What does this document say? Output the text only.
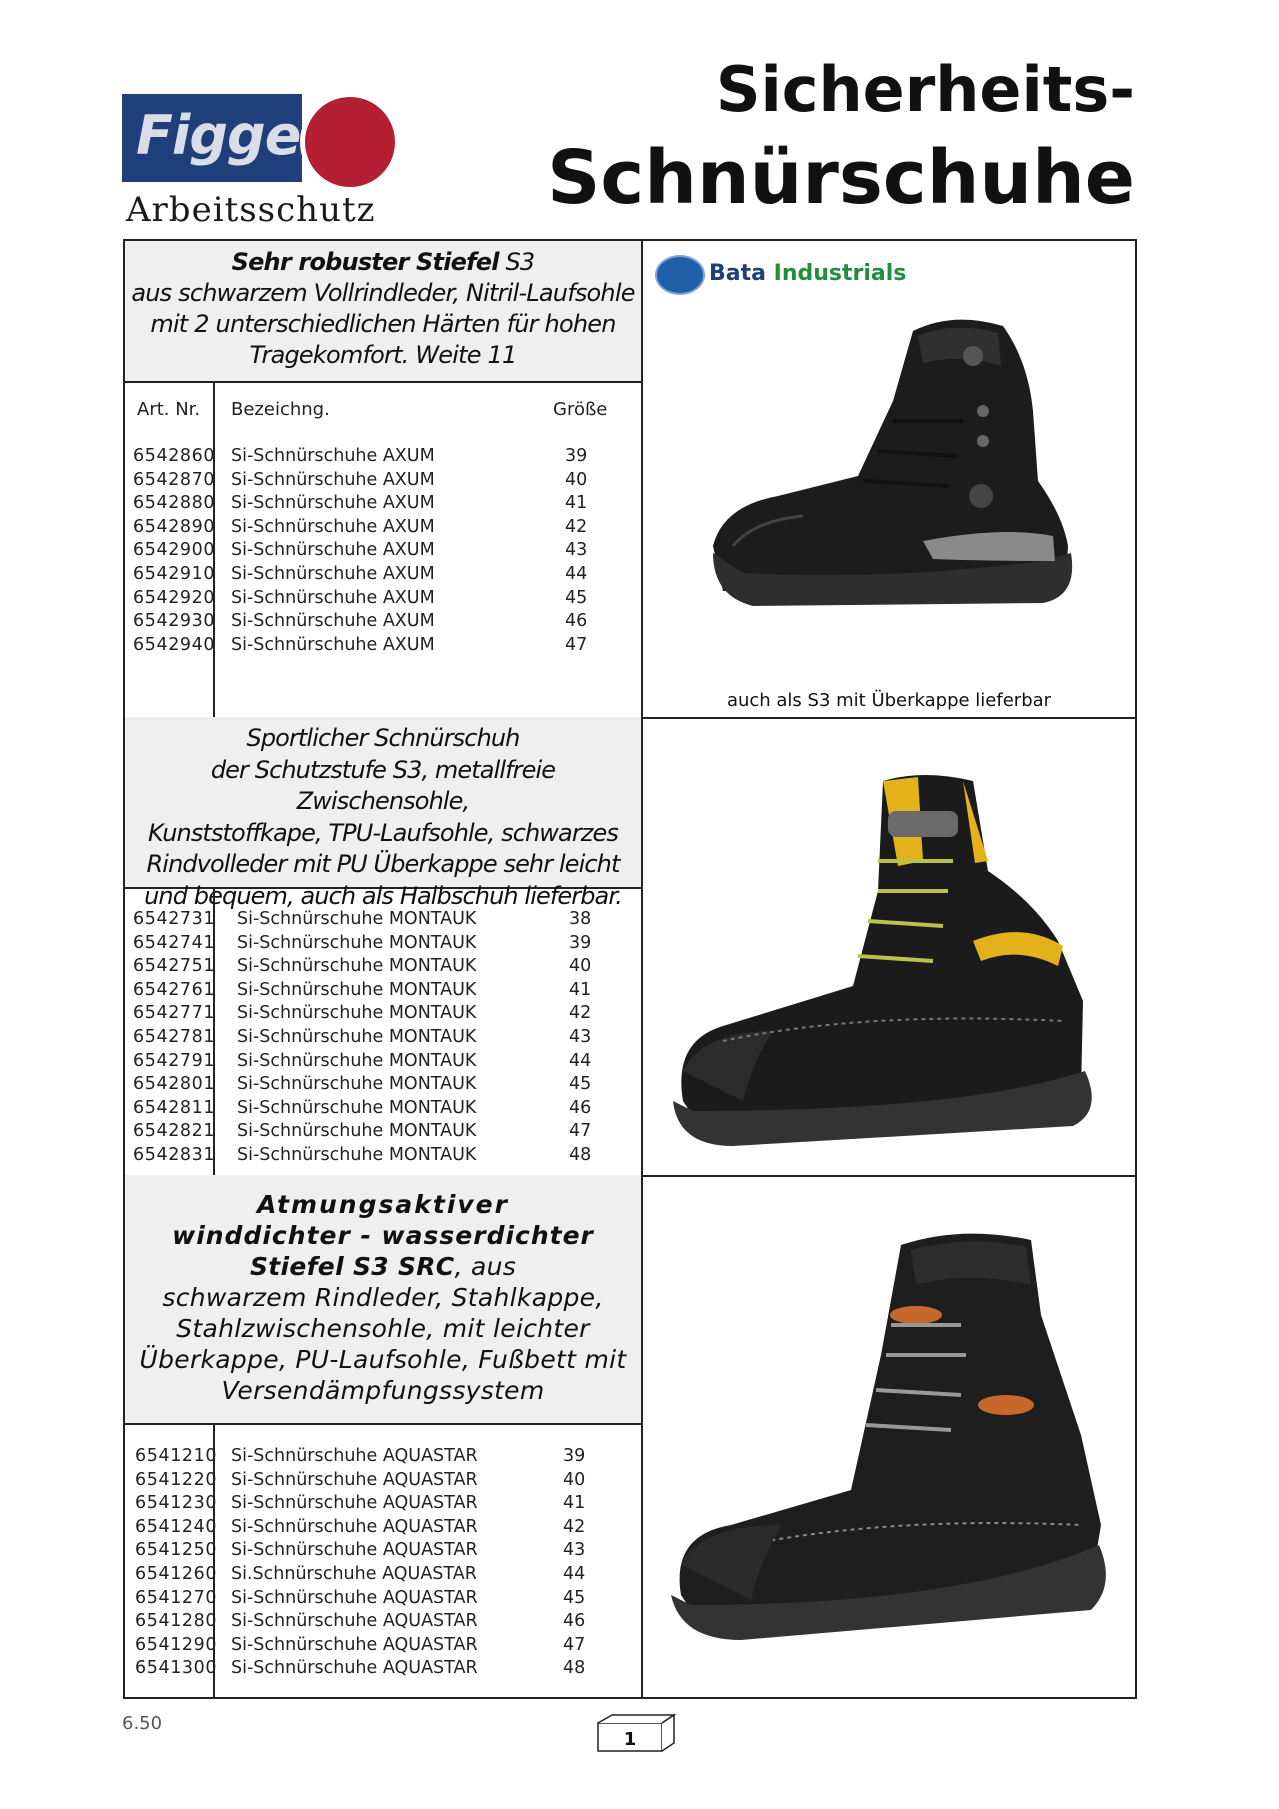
Figge
Arbeitsschutz
Sicherheits-
Schnürschuhe
Sehr robuster Stiefel S3
aus schwarzem Vollrindleder, Nitril-Laufsohle
mit 2 unterschiedlichen Härten für hohen
Tragekomfort. Weite 11
Art. Nr. Bezeichng.	Größe
6542860 Si-Schnürschuhe AXUM	39
6542870 Si-Schnürschuhe AXUM	40
6542880 Si-Schnürschuhe AXUM	41
6542890 Si-Schnürschuhe AXUM	42
6542900 Si-Schnürschuhe AXUM	43
6542910 Si-Schnürschuhe AXUM	44
6542920 Si-Schnürschuhe AXUM	45
6542930 Si-Schnürschuhe AXUM	46
6542940 Si-Schnürschuhe AXUM	47
Bata Industrials
auch als S3 mit Überkappe lieferbar
Sportlicher Schnürschuh
der Schutzstufe S3, metallfreie Zwischensohle,
Kunststoffkape, TPU-Laufsohle, schwarzes
Rindvolleder mit PU Überkappe sehr leicht
und bequem, auch als Halbschuh lieferbar.
6542731 Si-Schnürschuhe MONTAUK	38
6542741 Si-Schnürschuhe MONTAUK	39
6542751 Si-Schnürschuhe MONTAUK	40
6542761 Si-Schnürschuhe MONTAUK	41
6542771 Si-Schnürschuhe MONTAUK	42
6542781 Si-Schnürschuhe MONTAUK	43
6542791 Si-Schnürschuhe MONTAUK	44
6542801 Si-Schnürschuhe MONTAUK	45
6542811 Si-Schnürschuhe MONTAUK	46
6542821 Si-Schnürschuhe MONTAUK	47
6542831 Si-Schnürschuhe MONTAUK	48
Atmungsaktiver
winddichter - wasserdichter
Stiefel S3 SRC, aus
schwarzem Rindleder, Stahlkappe,
Stahlzwischensohle, mit leichter
Überkappe, PU-Laufsohle, Fußbett mit
Versendämpfungssystem
6541210 Si-Schnürschuhe AQUASTAR	39
6541220 Si-Schnürschuhe AQUASTAR	40
6541230 Si-Schnürschuhe AQUASTAR	41
6541240 Si-Schnürschuhe AQUASTAR	42
6541250 Si-Schnürschuhe AQUASTAR	43
6541260 Si.Schnürschuhe AQUASTAR	44
6541270 Si-Schnürschuhe AQUASTAR	45
6541280 Si-Schnürschuhe AQUASTAR	46
6541290 Si-Schnürschuhe AQUASTAR	47
6541300 Si-Schnürschuhe AQUASTAR	48
6.50
1
